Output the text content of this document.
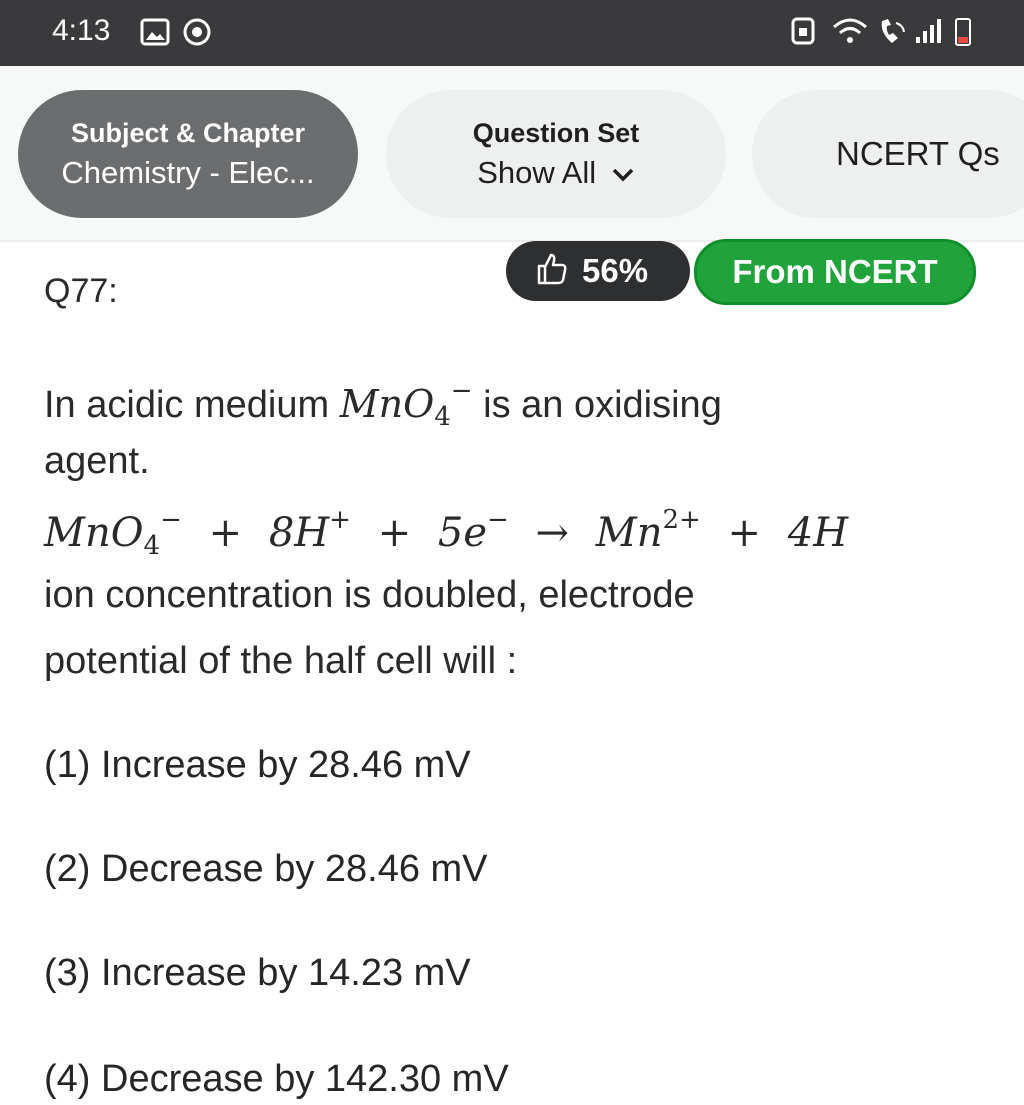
4:13
Subject & Chapter
Chemistry - Elec...
Question Set
Show All	NCERT Qs
Q77:
56%	From NCERT
In acidic medium MnO$_4$− is an oxidising
agent.
$MnO_4^- + 8H^+ + 5e^- \to Mn^{2+} + 4H$
ion concentration is doubled, electrode
potential of the half cell will :
(1) Increase by 28.46 mV
(2) Decrease by 28.46 mV
(3) Increase by 14.23 mV
(4) Decrease by 142.30 mV
